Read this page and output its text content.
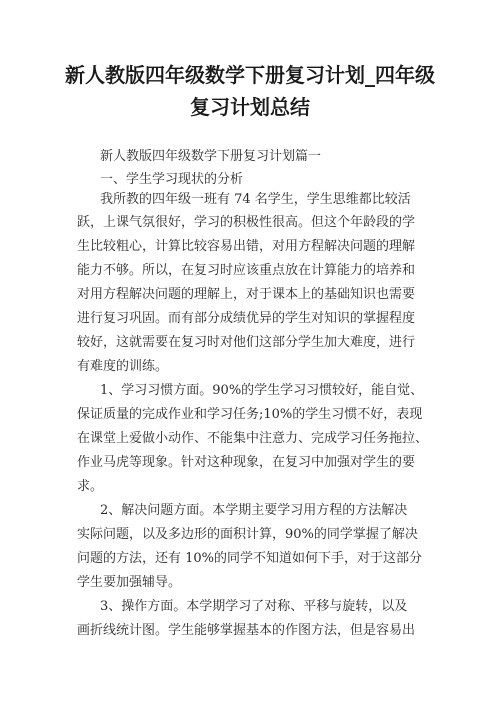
新人教版四年级数学下册复习计划_四年级
复习计划总结

新人教版四年级数学下册复习计划篇一

一、学生学习现状的分析

我所教的四年级一班有 74 名学生，学生思维都比较活

跃，上课气氛很好，学习的积极性很高。但这个年龄段的学

生比较粗心，计算比较容易出错，对用方程解决问题的理解

能力不够。所以，在复习时应该重点放在计算能力的培养和

对用方程解决问题的理解上，对于课本上的基础知识也需要

进行复习巩固。而有部分成绩优异的学生对知识的掌握程度

较好，这就需要在复习时对他们这部分学生加大难度，进行

有难度的训练。

1、学习习惯方面。90%的学生学习习惯较好，能自觉、

保证质量的完成作业和学习任务;10%的学生习惯不好，表现

在课堂上爱做小动作、不能集中注意力、完成学习任务拖拉、

作业马虎等现象。针对这种现象，在复习中加强对学生的要

求。

2、解决问题方面。本学期主要学习用方程的方法解决

实际问题，以及多边形的面积计算，90%的同学掌握了解决

问题的方法，还有 10%的同学不知道如何下手，对于这部分

学生要加强辅导。

3、操作方面。本学期学习了对称、平移与旋转，以及

画折线统计图。学生能够掌握基本的作图方法，但是容易出
